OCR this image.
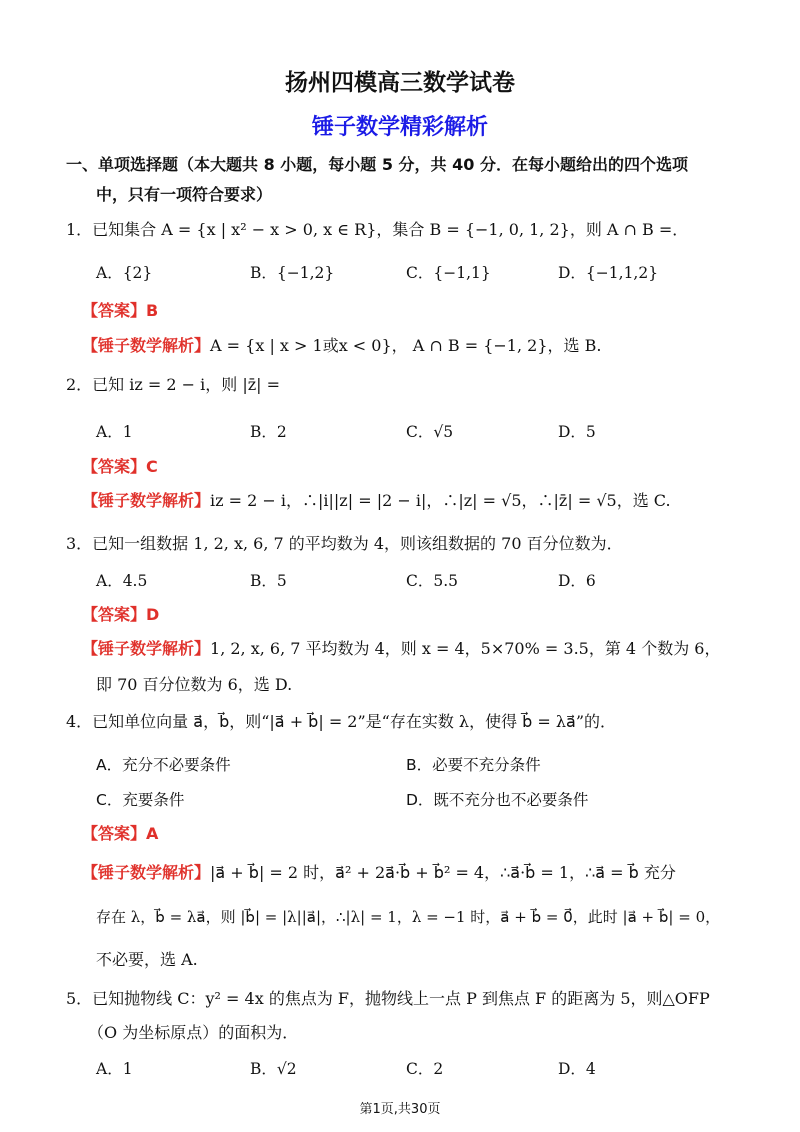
扬州四模高三数学试卷
锤子数学精彩解析
一、单项选择题（本大题共 8 小题，每小题 5 分，共 40 分．在每小题给出的四个选项
中，只有一项符合要求）
1．已知集合 A = {x | x² − x > 0, x ∈ R}，集合 B = {−1, 0, 1, 2}，则 A ∩ B =．
A．{2}	B．{−1,2}	C．{−1,1}	D．{−1,1,2}
【答案】B
【锤子数学解析】A = {x | x > 1或x < 0}， A ∩ B = {−1, 2}，选 B.
2．已知 iz = 2 − i，则 |z̄| =
A．1	B．2	C．√5	D．5
【答案】C
【锤子数学解析】iz = 2 − i，∴|i||z| = |2 − i|，∴|z| = √5，∴|z̄| = √5，选 C.
3．已知一组数据 1, 2, x, 6, 7 的平均数为 4，则该组数据的 70 百分位数为．
A．4.5	B．5	C．5.5	D．6
【答案】D
【锤子数学解析】1, 2, x, 6, 7 平均数为 4，则 x = 4，5×70% = 3.5，第 4 个数为 6，
即 70 百分位数为 6，选 D.
4．已知单位向量 a⃗，b⃗，则“|a⃗ + b⃗| = 2”是“存在实数 λ，使得 b⃗ = λa⃗”的．
A．充分不必要条件	B．必要不充分条件
C．充要条件	D．既不充分也不必要条件
【答案】A
【锤子数学解析】|a⃗ + b⃗| = 2 时，a⃗² + 2a⃗·b⃗ + b⃗² = 4，∴a⃗·b⃗ = 1，∴a⃗ = b⃗ 充分
存在 λ，b⃗ = λa⃗，则 |b⃗| = |λ||a⃗|，∴|λ| = 1，λ = −1 时，a⃗ + b⃗ = 0⃗，此时 |a⃗ + b⃗| = 0，
不必要，选 A.
5．已知抛物线 C：y² = 4x 的焦点为 F，抛物线上一点 P 到焦点 F 的距离为 5，则△OFP
（O 为坐标原点）的面积为．
A．1	B．√2	C．2	D．4
第1页,共30页
